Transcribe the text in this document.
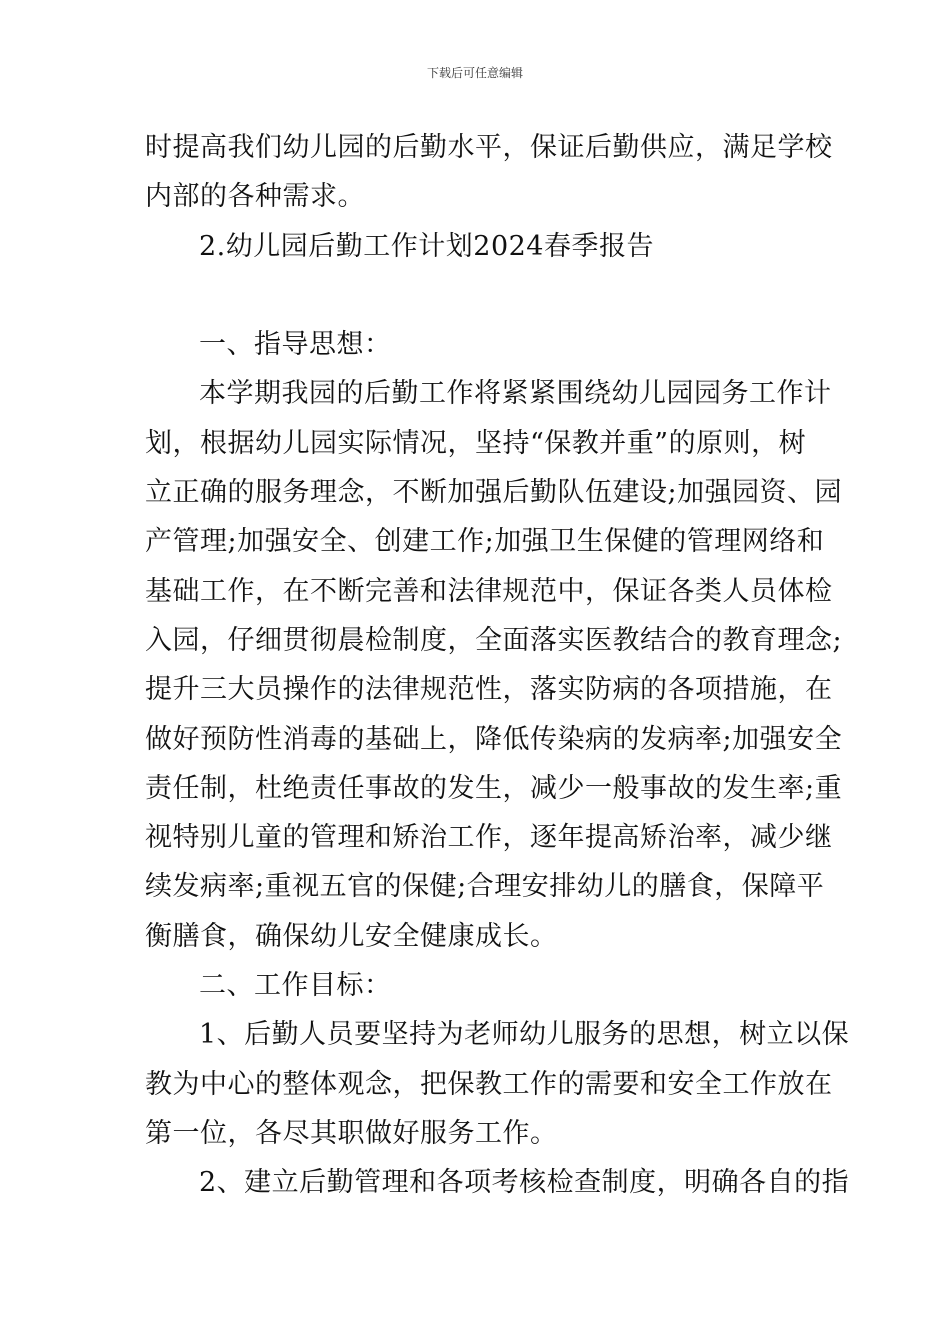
下载后可任意编辑
时提高我们幼儿园的后勤水平，保证后勤供应，满足学校
内部的各种需求。
2.幼儿园后勤工作计划2024春季报告
一、指导思想：
本学期我园的后勤工作将紧紧围绕幼儿园园务工作计
划，根据幼儿园实际情况，坚持“保教并重”的原则，树
立正确的服务理念，不断加强后勤队伍建设;加强园资、园
产管理;加强安全、创建工作;加强卫生保健的管理网络和
基础工作，在不断完善和法律规范中，保证各类人员体检
入园，仔细贯彻晨检制度，全面落实医教结合的教育理念;
提升三大员操作的法律规范性，落实防病的各项措施，在
做好预防性消毒的基础上，降低传染病的发病率;加强安全
责任制，杜绝责任事故的发生，减少一般事故的发生率;重
视特别儿童的管理和矫治工作，逐年提高矫治率，减少继
续发病率;重视五官的保健;合理安排幼儿的膳食，保障平
衡膳食，确保幼儿安全健康成长。
二、工作目标：
1、后勤人员要坚持为老师幼儿服务的思想，树立以保
教为中心的整体观念，把保教工作的需要和安全工作放在
第一位，各尽其职做好服务工作。
2、建立后勤管理和各项考核检查制度，明确各自的指
